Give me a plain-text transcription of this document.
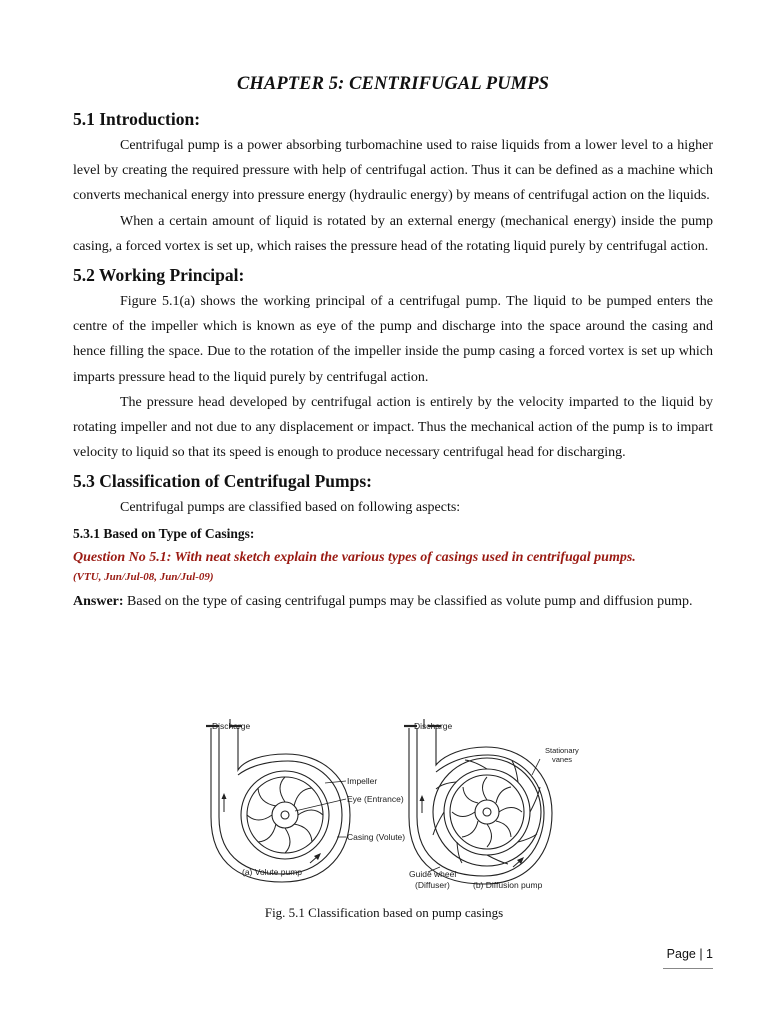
CHAPTER 5: CENTRIFUGAL PUMPS
5.1 Introduction:

Centrifugal pump is a power absorbing turbomachine used to raise liquids from a lower level to a higher level by creating the required pressure with help of centrifugal action. Thus it can be defined as a machine which converts mechanical energy into pressure energy (hydraulic energy) by means of centrifugal action on the liquids.

When a certain amount of liquid is rotated by an external energy (mechanical energy) inside the pump casing, a forced vortex is set up, which raises the pressure head of the rotating liquid purely by centrifugal action.

5.2 Working Principal:

Figure 5.1(a) shows the working principal of a centrifugal pump. The liquid to be pumped enters the centre of the impeller which is known as eye of the pump and discharge into the space around the casing and hence filling the space. Due to the rotation of the impeller inside the pump casing a forced vortex is set up which imparts pressure head to the liquid purely by centrifugal action.

The pressure head developed by centrifugal action is entirely by the velocity imparted to the liquid by rotating impeller and not due to any displacement or impact. Thus the mechanical action of the pump is to impart velocity to liquid so that its speed is enough to produce necessary centrifugal head for discharging.

5.3 Classification of Centrifugal Pumps:

Centrifugal pumps are classified based on following aspects:

5.3.1 Based on Type of Casings:
Question No 5.1: With neat sketch explain the various types of casings used in centrifugal pumps.
(VTU, Jun/Jul-08, Jun/Jul-09)

Answer: Based on the type of casing centrifugal pumps may be classified as volute pump and diffusion pump.

Discharge
Impeller
Eye (Entrance)
Casing (Volute)
(a) Volute pump
Discharge
Stationary
vanes
Guide wheel
(Diffuser)	(b) Diffusion pump
Fig. 5.1 Classification based on pump casings
Page | 1
